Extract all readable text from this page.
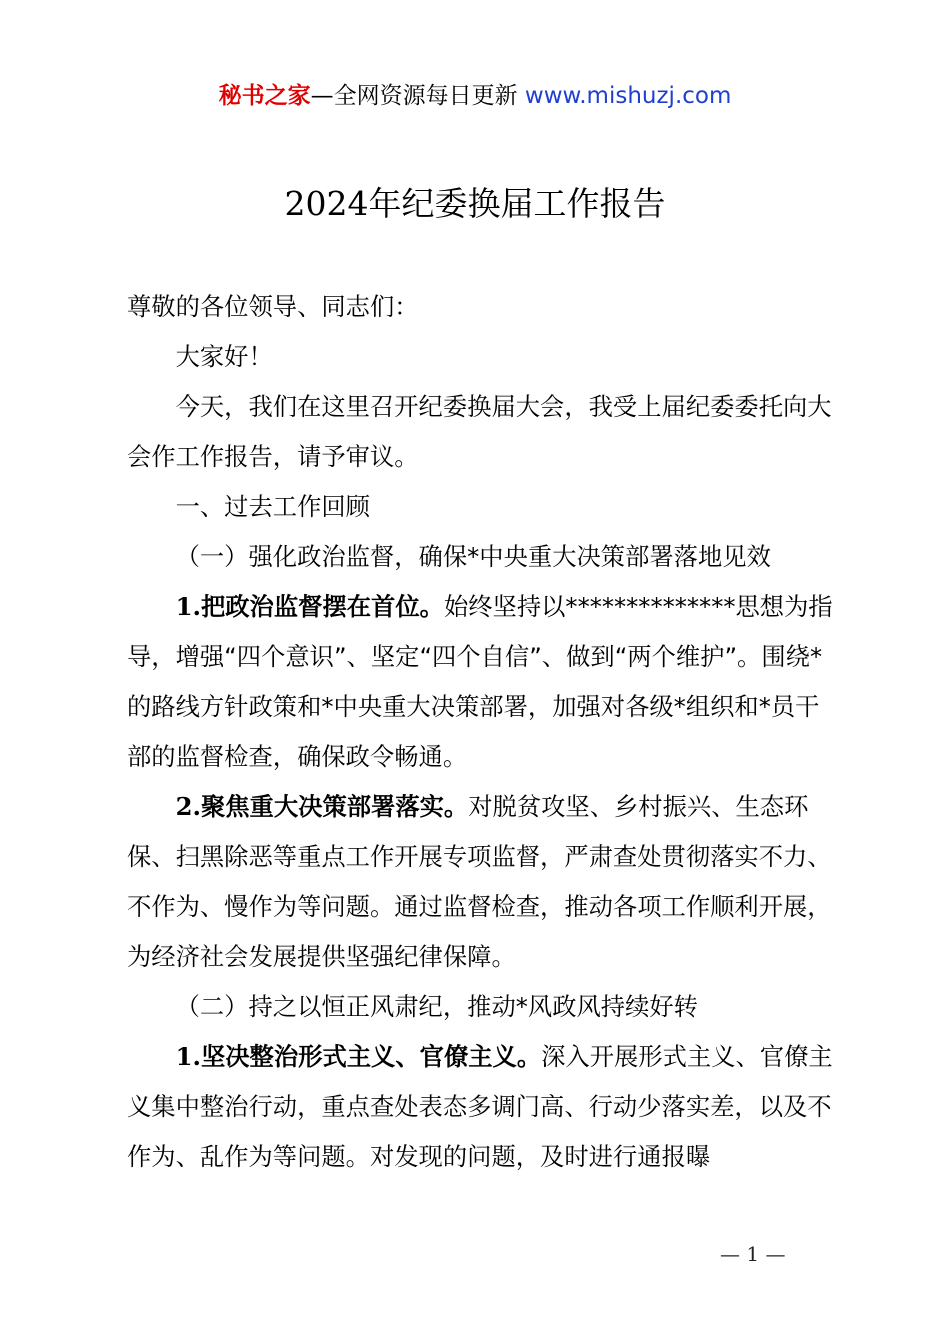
秘书之家—全网资源每日更新 www.mishuzj.com
2024年纪委换届工作报告

尊敬的各位领导、同志们：

大家好！

今天，我们在这里召开纪委换届大会，我受上届纪委委托向大会作工作报告，请予审议。

一、过去工作回顾

（一）强化政治监督，确保*中央重大决策部署落地见效

1.把政治监督摆在首位。始终坚持以**************思想为指导，增强“四个意识”、坚定“四个自信”、做到“两个维护”。围绕*的路线方针政策和*中央重大决策部署，加强对各级*组织和*员干部的监督检查，确保政令畅通。

2.聚焦重大决策部署落实。对脱贫攻坚、乡村振兴、生态环保、扫黑除恶等重点工作开展专项监督，严肃查处贯彻落实不力、不作为、慢作为等问题。通过监督检查，推动各项工作顺利开展，为经济社会发展提供坚强纪律保障。

（二）持之以恒正风肃纪，推动*风政风持续好转

1.坚决整治形式主义、官僚主义。深入开展形式主义、官僚主义集中整治行动，重点查处表态多调门高、行动少落实差，以及不作为、乱作为等问题。对发现的问题，及时进行通报曝

— 1 —
